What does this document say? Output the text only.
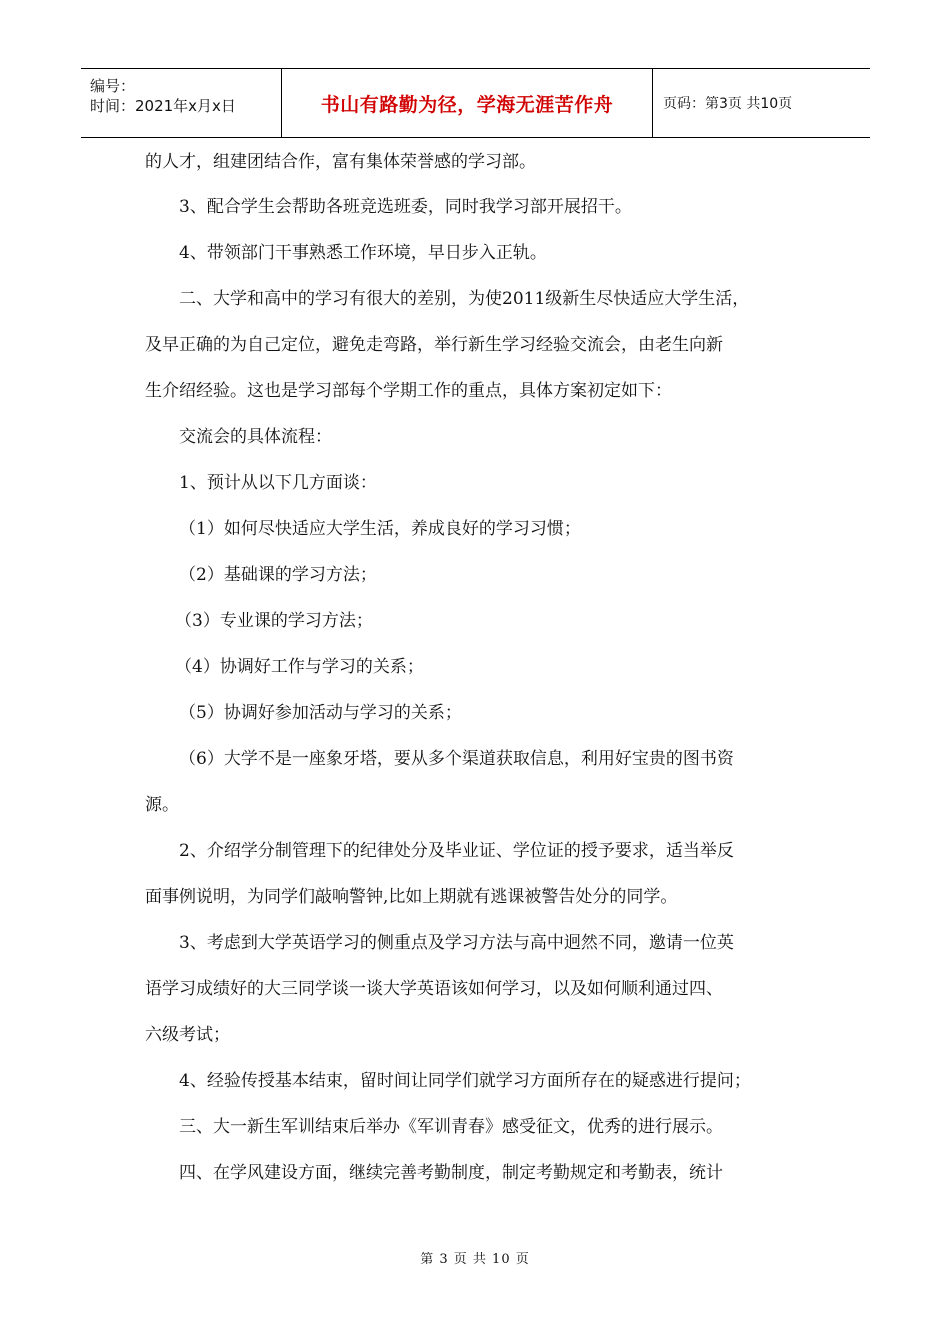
编号：
时间：2021年x月x日	书山有路勤为径，学海无涯苦作舟	页码：第3页 共10页
的人才，组建团结合作，富有集体荣誉感的学习部。
3、配合学生会帮助各班竞选班委，同时我学习部开展招干。
4、带领部门干事熟悉工作环境，早日步入正轨。
二、大学和高中的学习有很大的差别，为使2011级新生尽快适应大学生活，
及早正确的为自己定位，避免走弯路，举行新生学习经验交流会，由老生向新
生介绍经验。这也是学习部每个学期工作的重点，具体方案初定如下：
交流会的具体流程：
1、预计从以下几方面谈：
（1）如何尽快适应大学生活，养成良好的学习习惯；
（2）基础课的学习方法；
（3）专业课的学习方法；
（4）协调好工作与学习的关系；
（5）协调好参加活动与学习的关系；
（6）大学不是一座象牙塔，要从多个渠道获取信息，利用好宝贵的图书资
源。
2、介绍学分制管理下的纪律处分及毕业证、学位证的授予要求，适当举反
面事例说明，为同学们敲响警钟,比如上期就有逃课被警告处分的同学。
3、考虑到大学英语学习的侧重点及学习方法与高中迥然不同，邀请一位英
语学习成绩好的大三同学谈一谈大学英语该如何学习，以及如何顺利通过四、
六级考试；
4、经验传授基本结束，留时间让同学们就学习方面所存在的疑惑进行提问；
三、大一新生军训结束后举办《军训青春》感受征文，优秀的进行展示。
四、在学风建设方面，继续完善考勤制度，制定考勤规定和考勤表，统计
第 3 页 共 10 页
